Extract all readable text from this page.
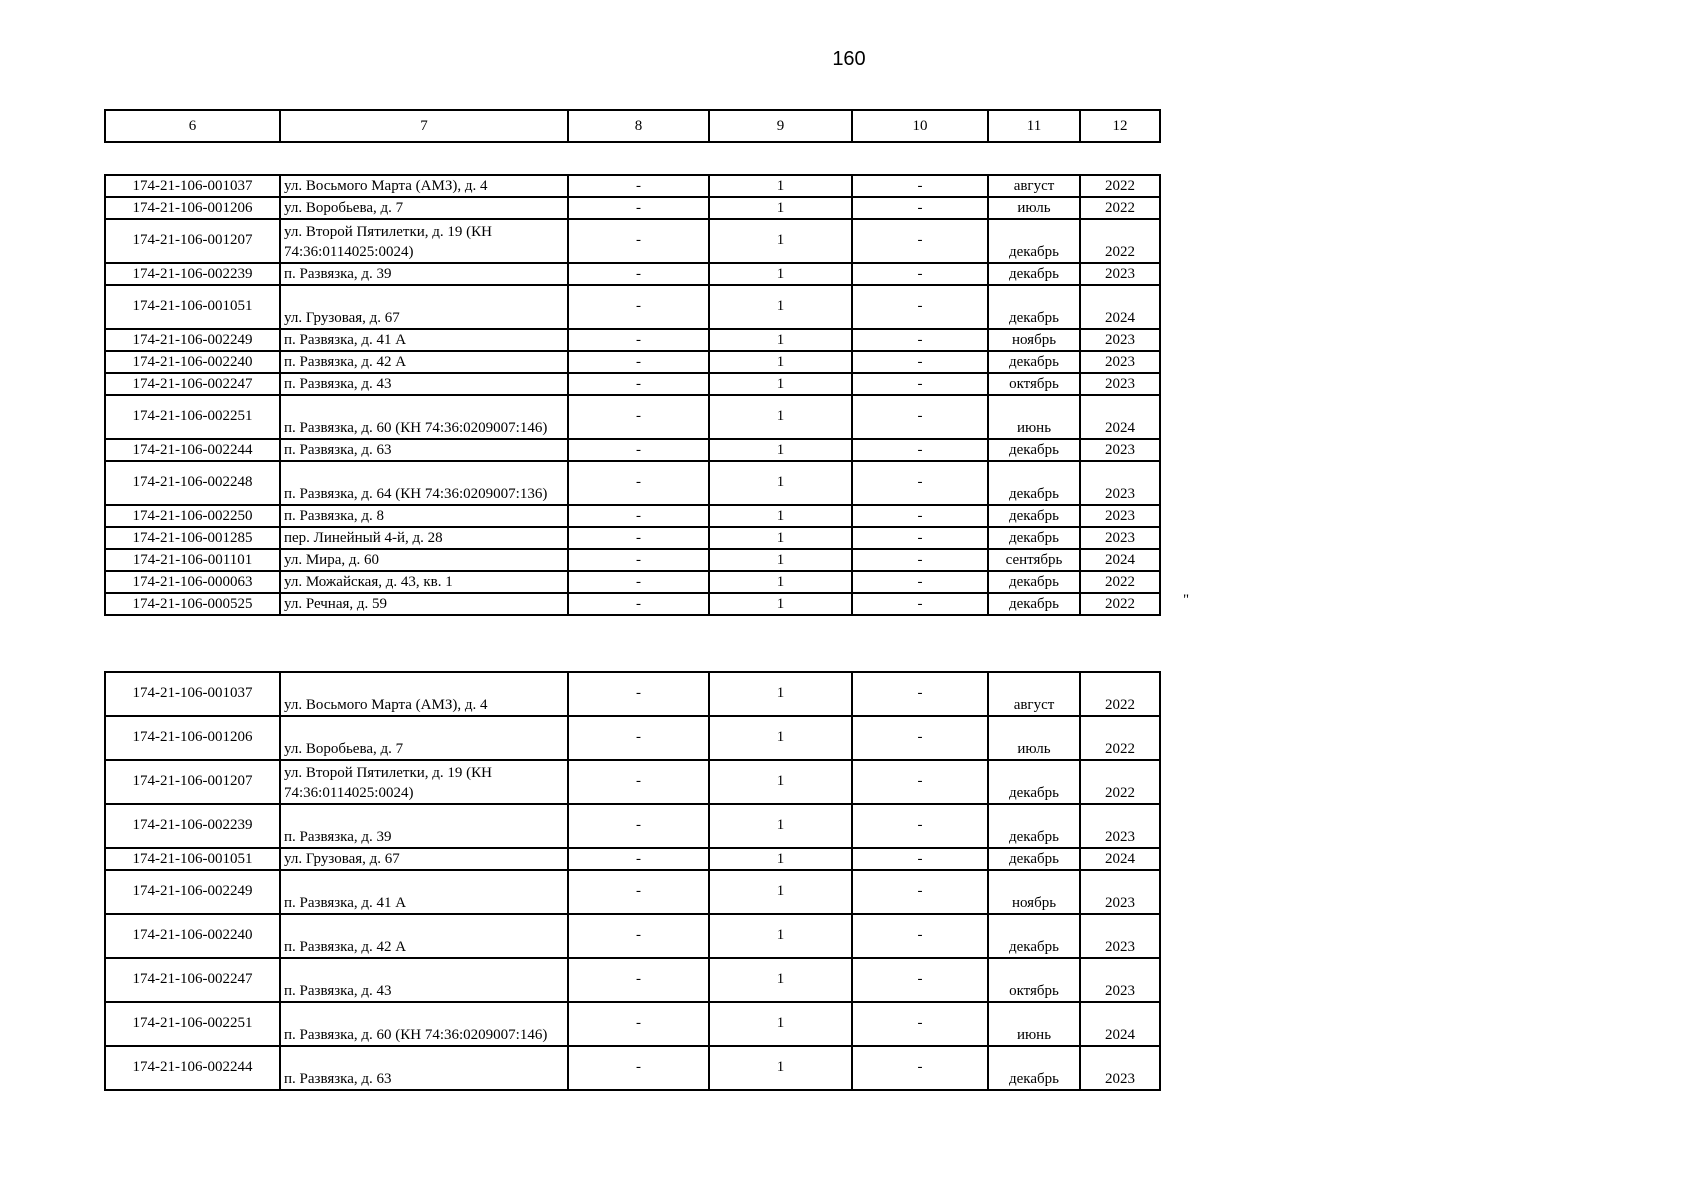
160
6	7	8	9	10	11	12
174-21-106-001037	ул. Восьмого Марта (АМЗ), д. 4	-	1	-	август	2022
174-21-106-001206	ул. Воробьева, д. 7	-	1	-	июль	2022
174-21-106-001207	ул. Второй Пятилетки, д. 19 (КН 74:36:0114025:0024)	-	1	-	декабрь	2022
174-21-106-002239	п. Развязка, д. 39	-	1	-	декабрь	2023
174-21-106-001051	ул. Грузовая, д. 67	-	1	-	декабрь	2024
174-21-106-002249	п. Развязка, д. 41 А	-	1	-	ноябрь	2023
174-21-106-002240	п. Развязка, д. 42 А	-	1	-	декабрь	2023
174-21-106-002247	п. Развязка, д. 43	-	1	-	октябрь	2023
174-21-106-002251	п. Развязка, д. 60 (КН 74:36:0209007:146)	-	1	-	июнь	2024
174-21-106-002244	п. Развязка, д. 63	-	1	-	декабрь	2023
174-21-106-002248	п. Развязка, д. 64 (КН 74:36:0209007:136)	-	1	-	декабрь	2023
174-21-106-002250	п. Развязка, д. 8	-	1	-	декабрь	2023
174-21-106-001285	пер. Линейный 4-й, д. 28	-	1	-	декабрь	2023
174-21-106-001101	ул. Мира, д. 60	-	1	-	сентябрь	2024
174-21-106-000063	ул. Можайская, д. 43, кв. 1	-	1	-	декабрь	2022
174-21-106-000525	ул. Речная, д. 59	-	1	-	декабрь	2022	"
174-21-106-001037	ул. Восьмого Марта (АМЗ), д. 4	-	1	-	август	2022
174-21-106-001206	ул. Воробьева, д. 7	-	1	-	июль	2022
174-21-106-001207	ул. Второй Пятилетки, д. 19 (КН 74:36:0114025:0024)	-	1	-	декабрь	2022
174-21-106-002239	п. Развязка, д. 39	-	1	-	декабрь	2023
174-21-106-001051	ул. Грузовая, д. 67	-	1	-	декабрь	2024
174-21-106-002249	п. Развязка, д. 41 А	-	1	-	ноябрь	2023
174-21-106-002240	п. Развязка, д. 42 А	-	1	-	декабрь	2023
174-21-106-002247	п. Развязка, д. 43	-	1	-	октябрь	2023
174-21-106-002251	п. Развязка, д. 60 (КН 74:36:0209007:146)	-	1	-	июнь	2024
174-21-106-002244	п. Развязка, д. 63	-	1	-	декабрь	2023
